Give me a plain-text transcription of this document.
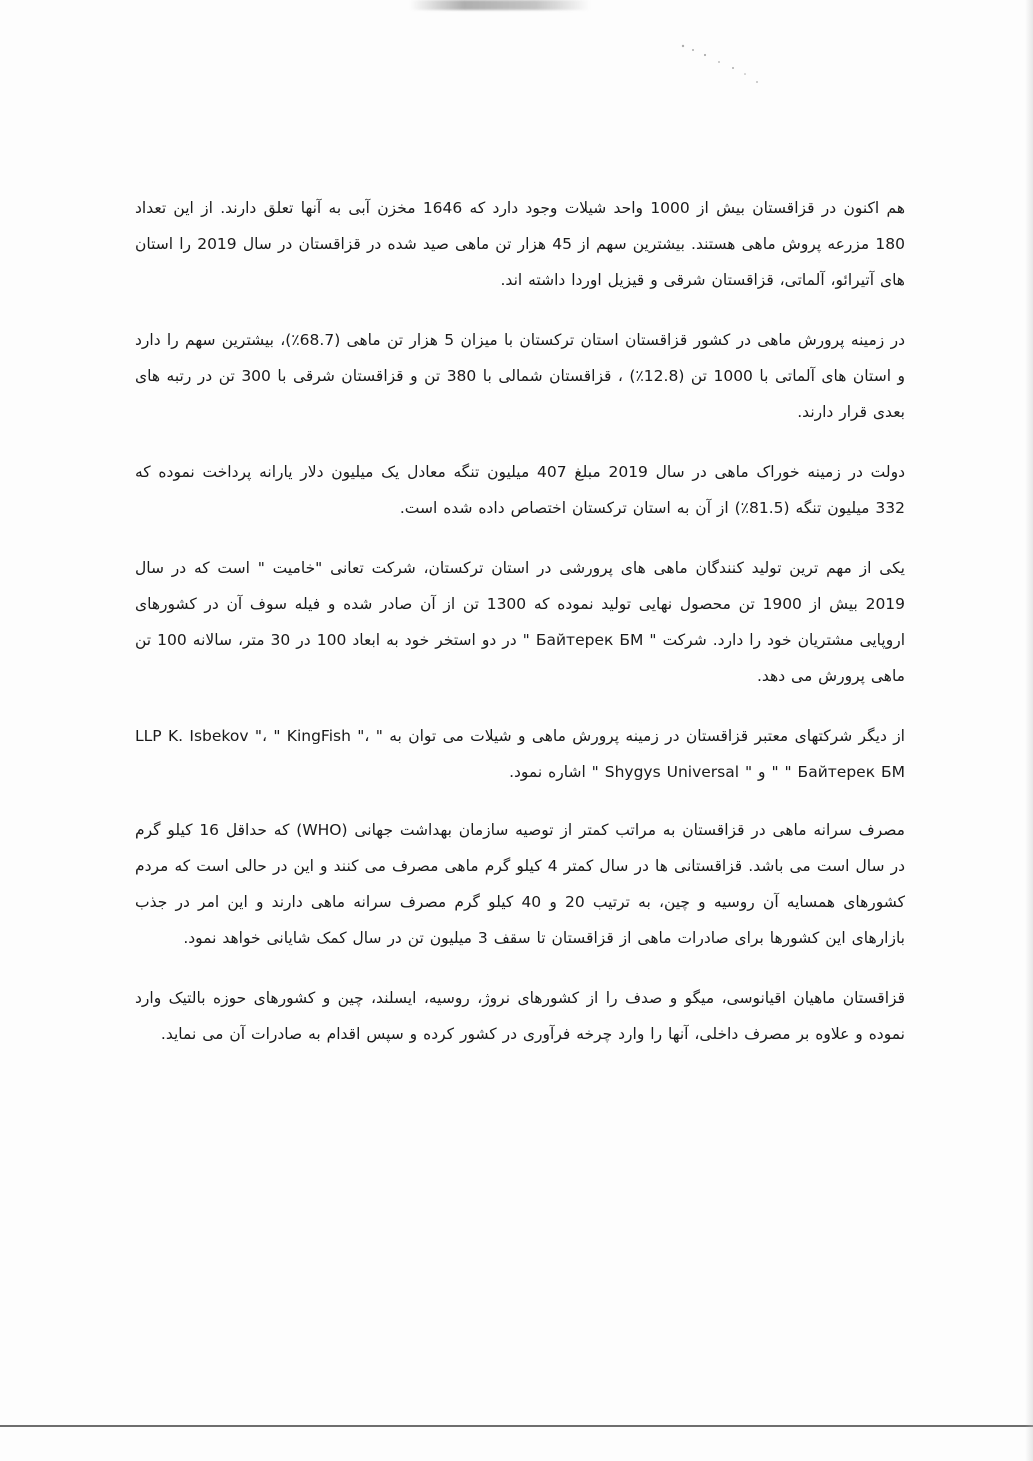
هم اکنون در قزاقستان بیش از 1000 واحد شیلات وجود دارد که 1646 مخزن آبی به آنها تعلق دارند. از این تعداد 180 مزرعه پروش ماهی هستند. بیشترین سهم از 45 هزار تن ماهی صید شده در قزاقستان در سال 2019 را استان های آتیرائو، آلماتی، قزاقستان شرقی و قیزیل اوردا داشته اند.

در زمینه پرورش ماهی در کشور قزاقستان استان ترکستان با میزان 5 هزار تن ماهی (68.7٪)، بیشترین سهم را دارد و استان های آلماتی با 1000 تن (12.8٪) ، قزاقستان شمالی با 380 تن و قزاقستان شرقی با 300 تن در رتبه های بعدی قرار دارند.

دولت در زمینه خوراک ماهی در سال 2019 مبلغ 407 میلیون تنگه معادل یک میلیون دلار یارانه پرداخت نموده که 332 میلیون تنگه (81.5٪) از آن به استان ترکستان اختصاص داده شده است.

یکی از مهم ترین تولید کنندگان ماهی های پرورشی در استان ترکستان، شرکت تعانی "خامیت " است که در سال 2019 بیش از 1900 تن محصول نهایی تولید نموده که 1300 تن از آن صادر شده و فیله سوف آن در کشورهای اروپایی مشتریان خود را دارد. شرکت " Байтерек БМ " در دو استخر خود به ابعاد 100 در 30 متر، سالانه 100 تن ماهی پرورش می دهد.

از دیگر شرکتهای معتبر قزاقستان در زمینه پرورش ماهی و شیلات می توان به " LLP K. Isbekov "، " KingFish "، " Байтерек БМ " و " Shygys Universal " اشاره نمود.

مصرف سرانه ماهی در قزاقستان به مراتب کمتر از توصیه سازمان بهداشت جهانی (WHO) که حداقل 16 کیلو گرم در سال است می باشد. قزاقستانی ها در سال کمتر 4 کیلو گرم ماهی مصرف می کنند و این در حالی است که مردم کشورهای همسایه آن روسیه و چین، به ترتیب 20 و 40 کیلو گرم مصرف سرانه ماهی دارند و این امر در جذب بازارهای این کشورها برای صادرات ماهی از قزاقستان تا سقف 3 میلیون تن در سال کمک شایانی خواهد نمود.

قزاقستان ماهیان اقیانوسی، میگو و صدف را از کشورهای نروژ، روسیه، ایسلند، چین و کشورهای حوزه بالتیک وارد نموده و علاوه بر مصرف داخلی، آنها را وارد چرخه فرآوری در کشور کرده و سپس اقدام به صادرات آن می نماید.
